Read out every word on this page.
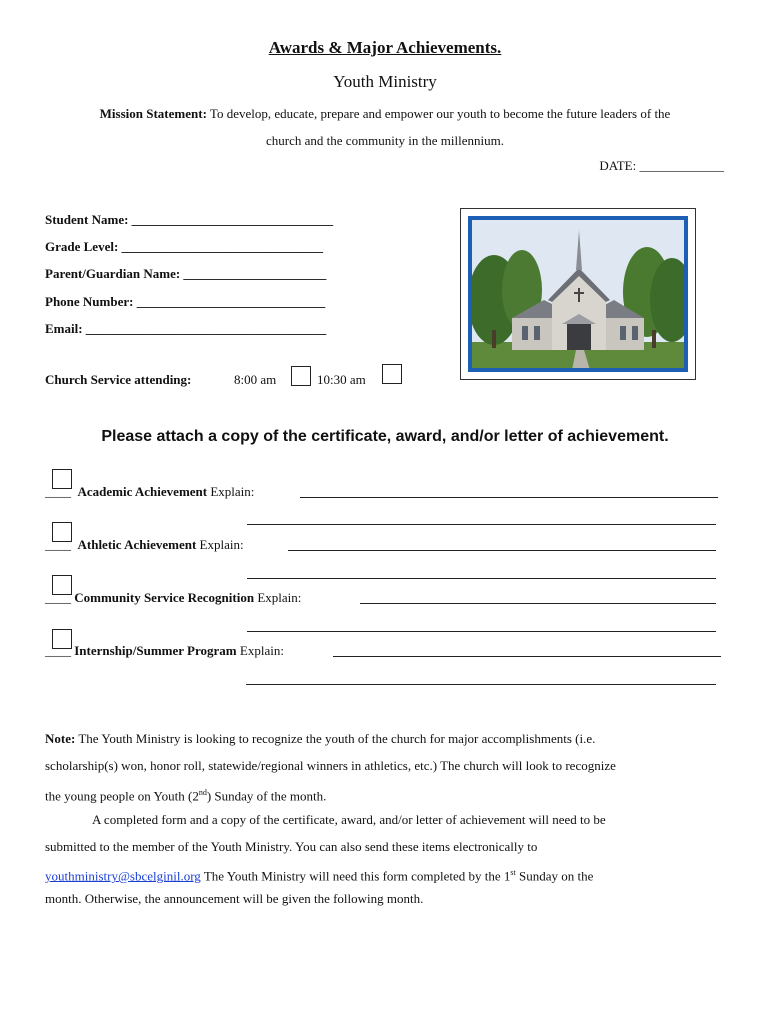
Awards & Major Achievements.
Youth Ministry
Mission Statement: To develop, educate, prepare and empower our youth to become the future leaders of the
church and the community in the millennium.
DATE: _____________
Student Name: _______________________________
Grade Level: _______________________________
Parent/Guardian Name: ______________________
Phone Number: _____________________________
Email: _____________________________________
Church Service attending:	8:00 am	10:30 am
Please attach a copy of the certificate, award, and/or letter of achievement.
____ Academic Achievement Explain:
____ Athletic Achievement Explain:
____ Community Service Recognition Explain:
____ Internship/Summer Program Explain:
Note: The Youth Ministry is looking to recognize the youth of the church for major accomplishments (i.e.
scholarship(s) won, honor roll, statewide/regional winners in athletics, etc.) The church will look to recognize
the young people on Youth (2nd) Sunday of the month.
A completed form and a copy of the certificate, award, and/or letter of achievement will need to be
submitted to the member of the Youth Ministry. You can also send these items electronically to
youthministry@sbcelginil.org The Youth Ministry will need this form completed by the 1st Sunday on the
month. Otherwise, the announcement will be given the following month.
